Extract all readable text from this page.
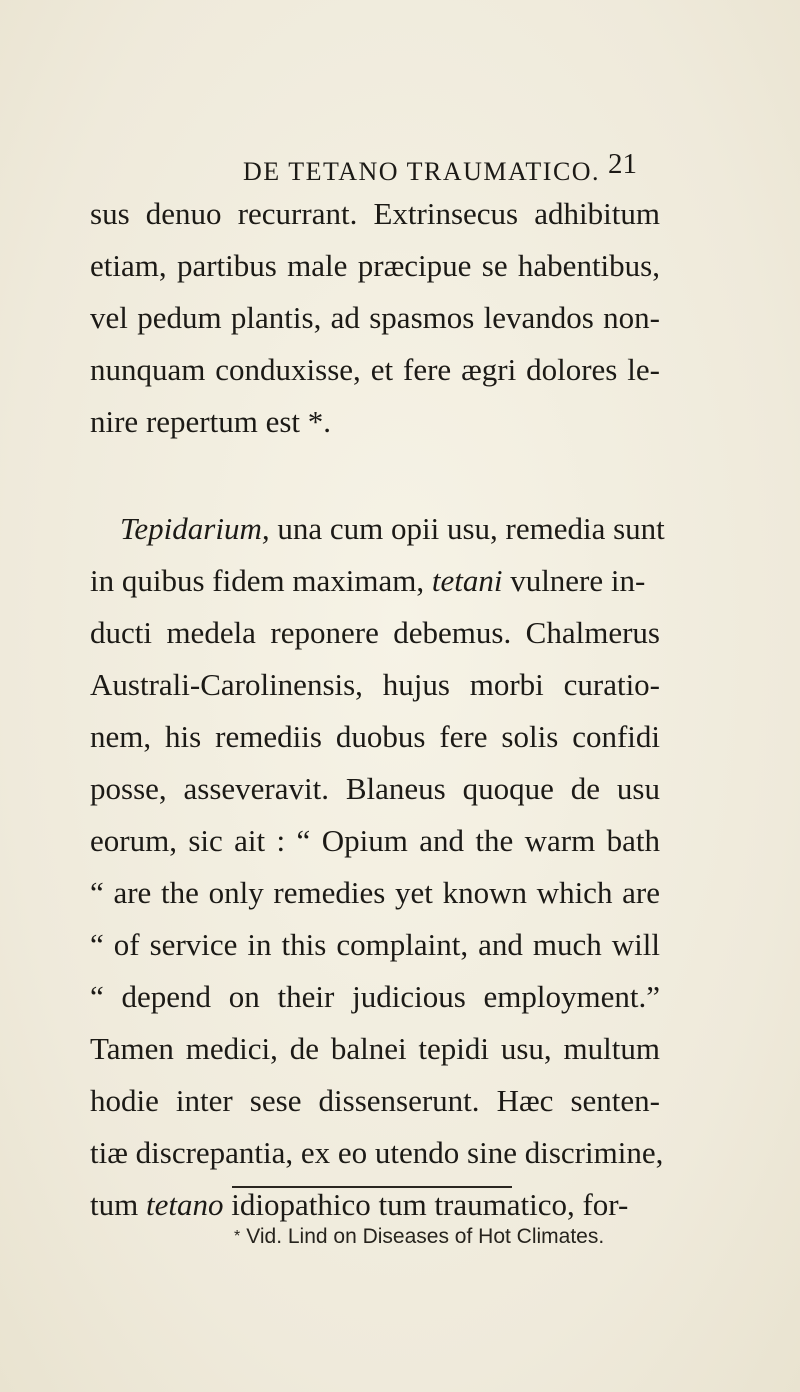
DE TETANO TRAUMATICO. 21
sus denuo recurrant. Extrinsecus adhibitum
etiam, partibus male præcipue se habentibus,
vel pedum plantis, ad spasmos levandos non-
nunquam conduxisse, et fere ægri dolores le-
nire repertum est *.
Tepidarium, una cum opii usu, remedia sunt
in quibus fidem maximam, tetani vulnere in-
ducti medela reponere debemus. Chalmerus
Australi-Carolinensis, hujus morbi curatio-
nem, his remediis duobus fere solis confidi
posse, asseveravit. Blaneus quoque de usu
eorum, sic ait : “ Opium and the warm bath
“ are the only remedies yet known which are
“ of service in this complaint, and much will
“ depend on their judicious employment.”
Tamen medici, de balnei tepidi usu, multum
hodie inter sese dissenserunt. Hæc senten-
tiæ discrepantia, ex eo utendo sine discrimine,
tum tetano idiopathico tum traumatico, for-
* Vid. Lind on Diseases of Hot Climates.
